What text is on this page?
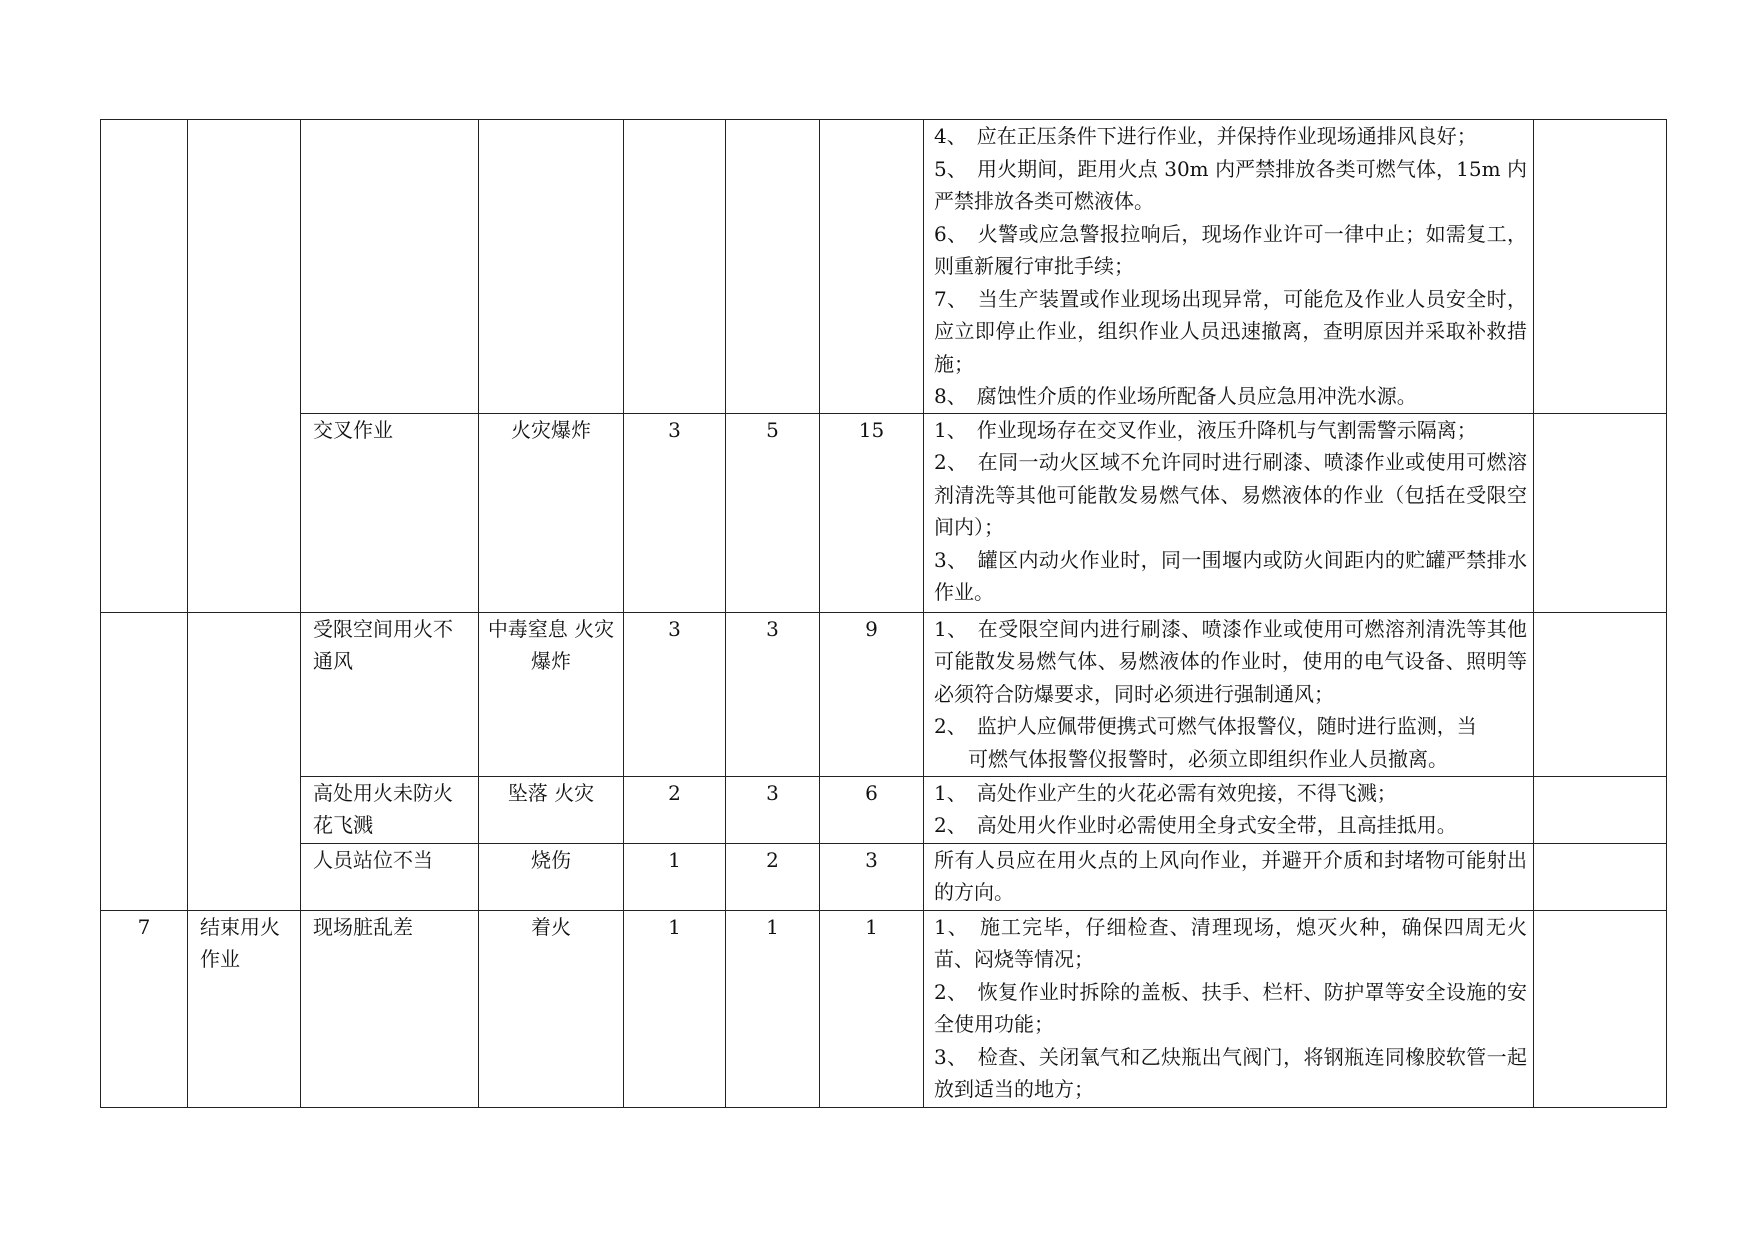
							4、　应在正压条件下进行作业，并保持作业现场通排风良好；
5、　用火期间，距用火点 30m 内严禁排放各类可燃气体，15m 内严禁排放各类可燃液体。
6、　火警或应急警报拉响后，现场作业许可一律中止；如需复工，则重新履行审批手续；
7、　当生产装置或作业现场出现异常，可能危及作业人员安全时，应立即停止作业，组织作业人员迅速撤离，查明原因并采取补救措施；
8、　腐蚀性介质的作业场所配备人员应急用冲洗水源。	

		交叉作业	火灾爆炸	3	5	15	1、　作业现场存在交叉作业，液压升降机与气割需警示隔离；
2、　在同一动火区域不允许同时进行刷漆、喷漆作业或使用可燃溶剂清洗等其他可能散发易燃气体、易燃液体的作业（包括在受限空间内）；
3、　罐区内动火作业时，同一围堰内或防火间距内的贮罐严禁排水作业。	

		受限空间用火不通风	中毒窒息 火灾爆炸	3	3	9	1、　在受限空间内进行刷漆、喷漆作业或使用可燃溶剂清洗等其他可能散发易燃气体、易燃液体的作业时，使用的电气设备、照明等必须符合防爆要求，同时必须进行强制通风；
2、　监护人应佩带便携式可燃气体报警仪，随时进行监测，当
可燃气体报警仪报警时，必须立即组织作业人员撤离。	

		高处用火未防火花飞溅	坠落 火灾	2	3	6	1、　高处作业产生的火花必需有效兜接，不得飞溅；
2、　高处用火作业时必需使用全身式安全带，且高挂抵用。	

		人员站位不当	烧伤	1	2	3	所有人员应在用火点的上风向作业，并避开介质和封堵物可能射出的方向。	

7	结束用火作业	现场脏乱差	着火	1	1	1	1、　施工完毕，仔细检查、清理现场，熄灭火种，确保四周无火苗、闷烧等情况；
2、　恢复作业时拆除的盖板、扶手、栏杆、防护罩等安全设施的安全使用功能；
3、　检查、关闭氧气和乙炔瓶出气阀门，将钢瓶连同橡胶软管一起放到适当的地方；	
